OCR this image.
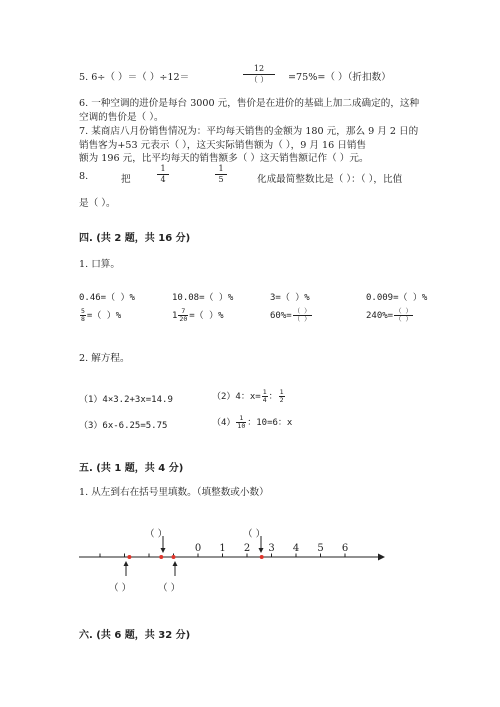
5. 6÷（ ）＝（ ）÷12＝
12
（ ）	=75%=（ ）（折扣数）
6. 一种空调的进价是每台 3000 元，售价是在进价的基础上加二成确定的，这种
空调的售价是（ ）。
7. 某商店八月份销售情况为：平均每天销售的金额为 180 元，那么 9 月 2 日的
销售客为+53 元表示（ ），这天实际销售额为（ ），9 月 16 日销售
额为 196 元，比平均每天的销售额多（ ）这天销售额记作（ ）元。
8.	把
1
4
1
5	化成最简整数比是（ ）：（ ），比值
是（ ）。
四. (共 2 题，共 16 分)
1. 口算。
0.46=（ ）%	10.08=（ ）%	3=（ ）%	0.009=（ ）%
$\frac{5}{8}$ =（ ）%	$1 \frac{7}{20}$ =（ ）%	$60\%= \frac{( )}{( )}$	$240\%= \frac{( )}{( )}$
2. 解方程。
（1）4×3.2+3x=14.9	（2）4：$x= \frac{1}{4}$ ： $\frac{1}{2}$
（3）6x-6.25=5.75	$(4) \frac{1}{10}$ ：10=6：x
五. (共 1 题，共 4 分)
1. 从左到右在括号里填数。（填整数或小数）
0 1 2 3 4 5 6
（ ）	（ ）
（ ）	（ ）
六. (共 6 题，共 32 分)
